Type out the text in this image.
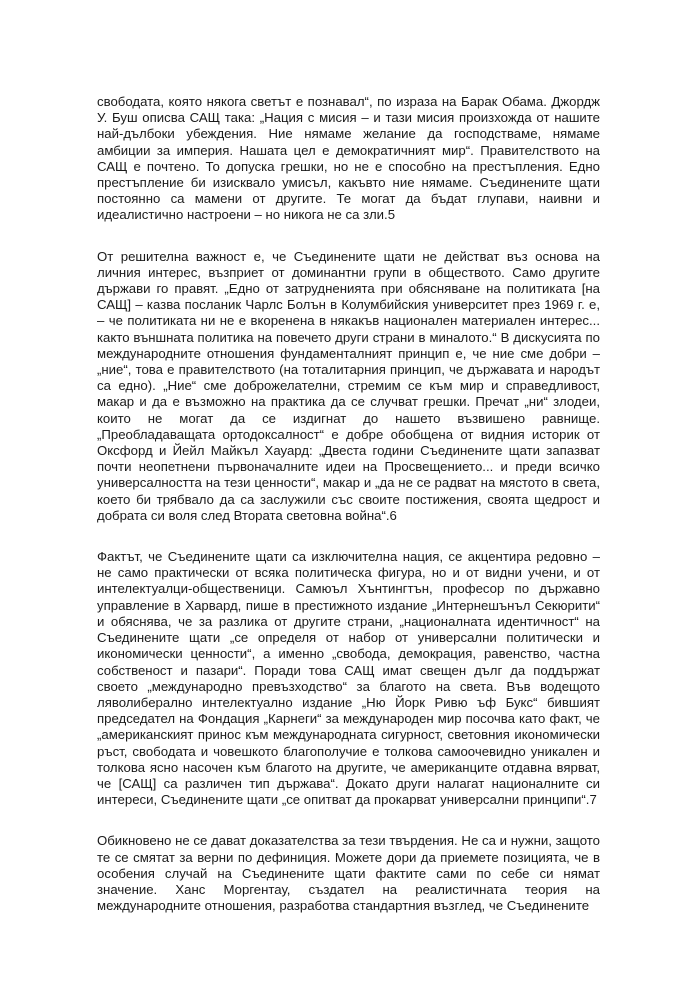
свободата, която някога светът е познавал“, по израза на Барак Обама. Джордж У. Буш описва САЩ така: „Нация с мисия – и тази мисия произхожда от нашите най-дълбоки убеждения. Ние нямаме желание да господстваме, нямаме амбиции за империя. Нашата цел е демократичният мир“. Правителството на САЩ е почтено. То допуска грешки, но не е способно на престъпления. Едно престъпление би изисквало умисъл, какъвто ние нямаме. Съединените щати постоянно са мамени от другите. Те могат да бъдат глупави, наивни и идеалистично настроени – но никога не са зли.5

От решителна важност е, че Съединените щати не действат въз основа на личния интерес, възприет от доминантни групи в обществото. Само другите държави го правят. „Едно от затрудненията при обясняване на политиката [на САЩ] – казва посланик Чарлс Болън в Колумбийския университет през 1969 г. е, – че политиката ни не е вкоренена в някакъв национален материален интерес... както външната политика на повечето други страни в миналото.“ В дискусията по международните отношения фундаменталният принцип е, че ние сме добри – „ние“, това е правителството (на тоталитарния принцип, че държавата и народът са едно). „Ние“ сме доброжелателни, стремим се към мир и справедливост, макар и да е възможно на практика да се случват грешки. Пречат „ни“ злодеи, които не могат да се издигнат до нашето възвишено равнище. „Преобладаващата ортодоксалност“ е добре обобщена от видния историк от Оксфорд и Йейл Майкъл Хауард: „Двеста години Съединените щати запазват почти неопетнени първоначалните идеи на Просвещението... и преди всичко универсалността на тези ценности“, макар и „да не се радват на мястото в света, което би трябвало да са заслужили със своите постижения, своята щедрост и добрата си воля след Втората световна война“.6

Фактът, че Съединените щати са изключителна нация, се акцентира редовно – не само практически от всяка политическа фигура, но и от видни учени, и от интелектуалци-общественици. Самюъл Хънтингтън, професор по държавно управление в Харвард, пише в престижното издание „Интернешънъл Секюрити“ и обяснява, че за разлика от другите страни, „националната идентичност“ на Съединените щати „се определя от набор от универсални политически и икономически ценности“, а именно „свобода, демокрация, равенство, частна собственост и пазари“. Поради това САЩ имат свещен дълг да поддържат своето „международно превъзходство“ за благото на света. Във водещото ляволиберално интелектуално издание „Ню Йорк Ривю ъф Букс“ бившият председател на Фондация „Карнеги“ за международен мир посочва като факт, че „американският принос към международната сигурност, световния икономически ръст, свободата и човешкото благополучие е толкова самоочевидно уникален и толкова ясно насочен към благото на другите, че американците отдавна вярват, че [САЩ] са различен тип държава“. Докато други налагат националните си интереси, Съединените щати „се опитват да прокарват универсални принципи“.7

Обикновено не се дават доказателства за тези твърдения. Не са и нужни, защото те се смятат за верни по дефиниция. Можете дори да приемете позицията, че в особения случай на Съединените щати фактите сами по себе си нямат значение. Ханс Моргентау, създател на реалистичната теория на международните отношения, разработва стандартния възглед, че Съединените
